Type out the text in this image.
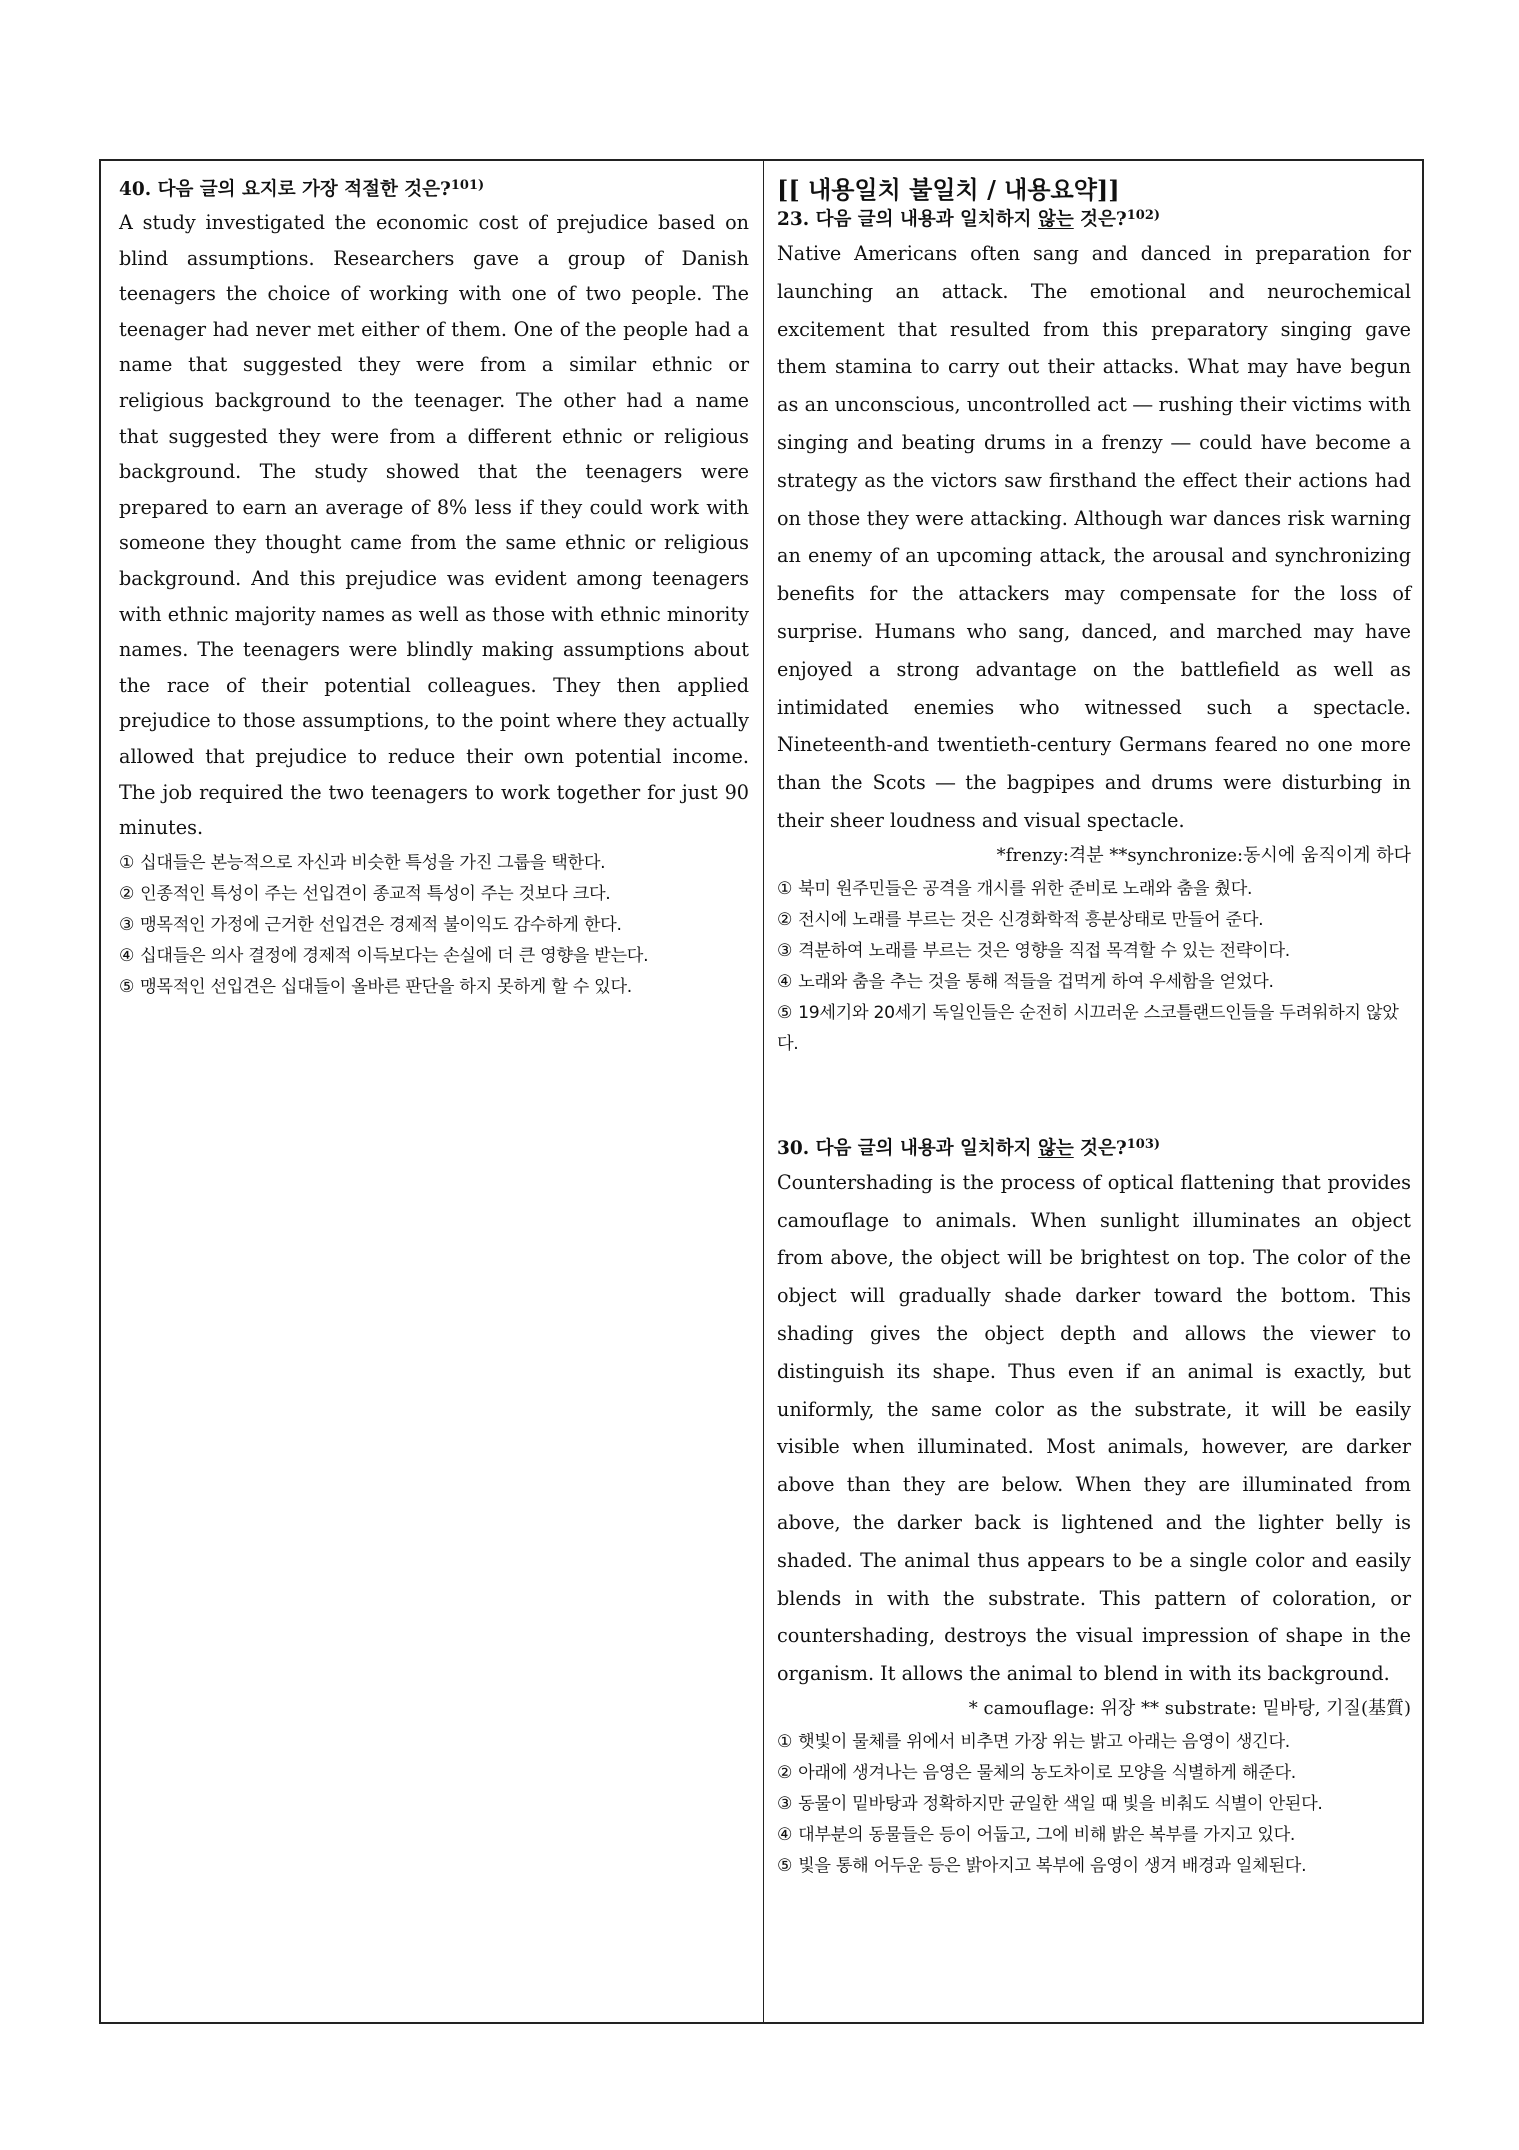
40. 다음 글의 요지로 가장 적절한 것은?$^{101)}$

A study investigated the economic cost of prejudice based on blind assumptions. Researchers gave a group of Danish teenagers the choice of working with one of two people. The teenager had never met either of them. One of the people had a name that suggested they were from a similar ethnic or religious background to the teenager. The other had a name that suggested they were from a different ethnic or religious background. The study showed that the teenagers were prepared to earn an average of 8% less if they could work with someone they thought came from the same ethnic or religious background. And this prejudice was evident among teenagers with ethnic majority names as well as those with ethnic minority names. The teenagers were blindly making assumptions about the race of their potential colleagues. They then applied prejudice to those assumptions, to the point where they actually allowed that prejudice to reduce their own potential income. The job required the two teenagers to work together for just 90 minutes.

① 십대들은 본능적으로 자신과 비슷한 특성을 가진 그룹을 택한다.
② 인종적인 특성이 주는 선입견이 종교적 특성이 주는 것보다 크다.
③ 맹목적인 가정에 근거한 선입견은 경제적 불이익도 감수하게 한다.
④ 십대들은 의사 결정에 경제적 이득보다는 손실에 더 큰 영향을 받는다.
⑤ 맹목적인 선입견은 십대들이 올바른 판단을 하지 못하게 할 수 있다.

[[ 내용일치 불일치 / 내용요약]]

23. 다음 글의 내용과 일치하지 않는 것은?$^{102)}$

Native Americans often sang and danced in preparation for launching an attack. The emotional and neurochemical excitement that resulted from this preparatory singing gave them stamina to carry out their attacks. What may have begun as an unconscious, uncontrolled act ― rushing their victims with singing and beating drums in a frenzy ― could have become a strategy as the victors saw firsthand the effect their actions had on those they were attacking. Although war dances risk warning an enemy of an upcoming attack, the arousal and synchronizing benefits for the attackers may compensate for the loss of surprise. Humans who sang, danced, and marched may have enjoyed a strong advantage on the battlefield as well as intimidated enemies who witnessed such a spectacle. Nineteenth-and twentieth-century Germans feared no one more than the Scots ― the bagpipes and drums were disturbing in their sheer loudness and visual spectacle.

*frenzy:격분 **synchronize:동시에 움직이게 하다

① 북미 원주민들은 공격을 개시를 위한 준비로 노래와 춤을 췄다.
② 전시에 노래를 부르는 것은 신경화학적 흥분상태로 만들어 준다.
③ 격분하여 노래를 부르는 것은 영향을 직접 목격할 수 있는 전략이다.
④ 노래와 춤을 추는 것을 통해 적들을 겁먹게 하여 우세함을 얻었다.
⑤ 19세기와 20세기 독일인들은 순전히 시끄러운 스코틀랜드인들을 두려워하지 않았다.

30. 다음 글의 내용과 일치하지 않는 것은?$^{103)}$

Countershading is the process of optical flattening that provides camouflage to animals. When sunlight illuminates an object from above, the object will be brightest on top. The color of the object will gradually shade darker toward the bottom. This shading gives the object depth and allows the viewer to distinguish its shape. Thus even if an animal is exactly, but uniformly, the same color as the substrate, it will be easily visible when illuminated. Most animals, however, are darker above than they are below. When they are illuminated from above, the darker back is lightened and the lighter belly is shaded. The animal thus appears to be a single color and easily blends in with the substrate. This pattern of coloration, or countershading, destroys the visual impression of shape in the organism. It allows the animal to blend in with its background.

* camouflage: 위장 ** substrate: 밑바탕, 기질(基質)

① 햇빛이 물체를 위에서 비추면 가장 위는 밝고 아래는 음영이 생긴다.
② 아래에 생겨나는 음영은 물체의 농도차이로 모양을 식별하게 해준다.
③ 동물이 밑바탕과 정확하지만 균일한 색일 때 빛을 비춰도 식별이 안된다.
④ 대부분의 동물들은 등이 어둡고, 그에 비해 밝은 복부를 가지고 있다.
⑤ 빛을 통해 어두운 등은 밝아지고 복부에 음영이 생겨 배경과 일체된다.
